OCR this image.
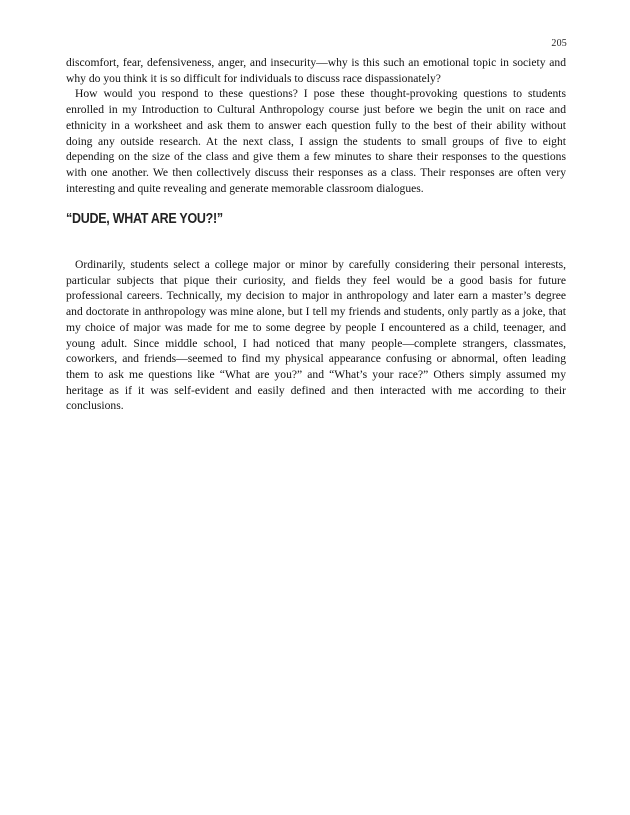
205

discomfort, fear, defensiveness, anger, and insecurity—why is this such an emotional topic in society and why do you think it is so difficult for individuals to discuss race dispassionately?

How would you respond to these questions? I pose these thought-provoking questions to students enrolled in my Introduction to Cultural Anthropology course just before we begin the unit on race and ethnicity in a worksheet and ask them to answer each question fully to the best of their ability without doing any outside research. At the next class, I assign the students to small groups of five to eight depending on the size of the class and give them a few minutes to share their responses to the questions with one another. We then collectively discuss their responses as a class. Their responses are often very interesting and quite revealing and generate memorable classroom dialogues.

“DUDE, WHAT ARE YOU?!”

Ordinarily, students select a college major or minor by carefully considering their personal interests, particular subjects that pique their curiosity, and fields they feel would be a good basis for future professional careers. Technically, my decision to major in anthropology and later earn a master’s degree and doctorate in anthropology was mine alone, but I tell my friends and students, only partly as a joke, that my choice of major was made for me to some degree by people I encountered as a child, teenager, and young adult. Since middle school, I had noticed that many people—complete strangers, classmates, coworkers, and friends—seemed to find my physical appearance confusing or abnormal, often leading them to ask me questions like “What are you?” and “What’s your race?” Others simply assumed my heritage as if it was self-evident and easily defined and then interacted with me according to their conclusions.
